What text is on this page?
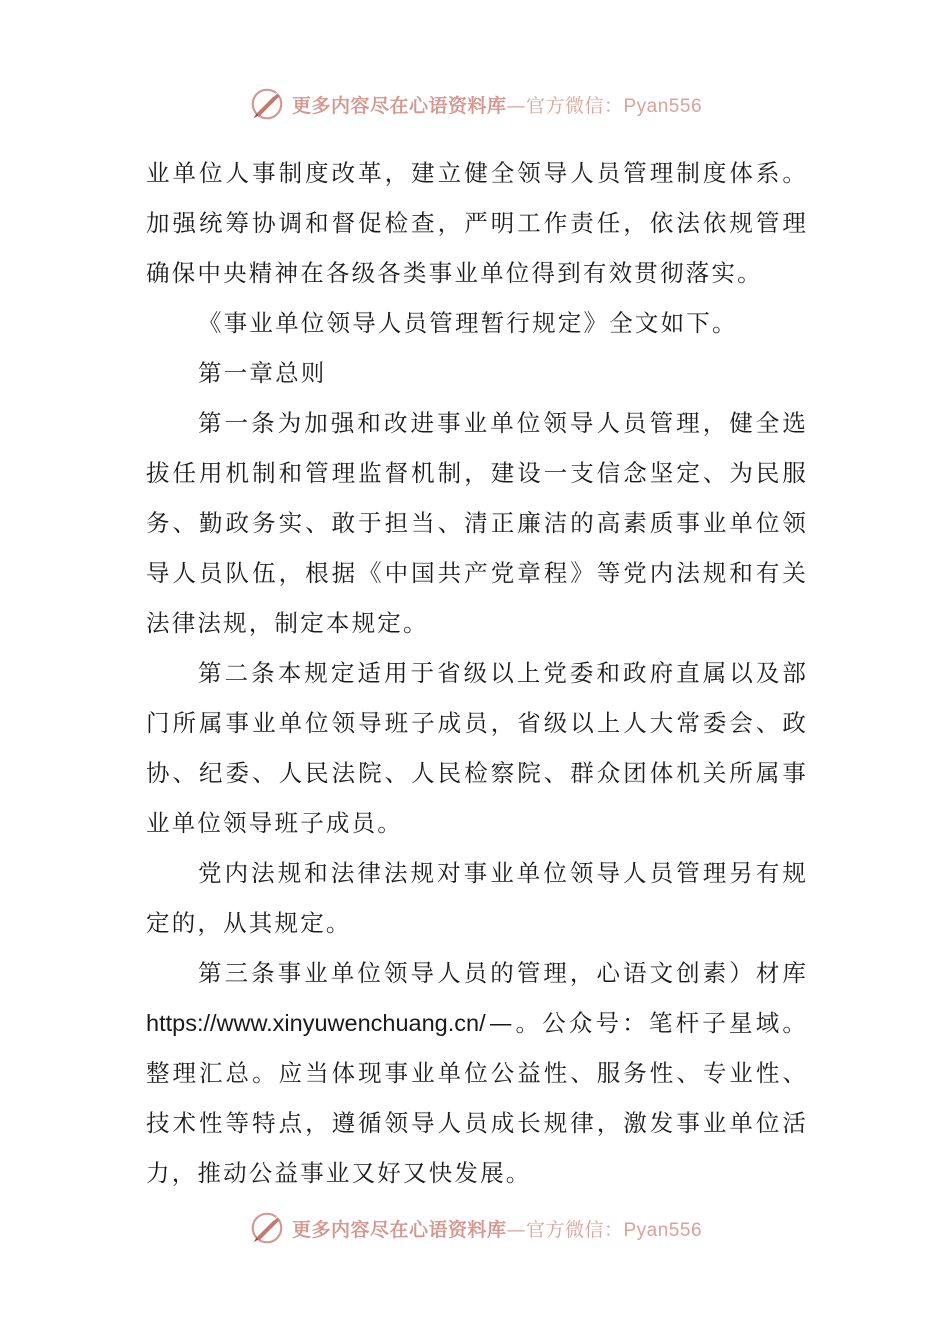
更多内容尽在心语资料库—官方微信：Pyan556
业 单 位 人 事 制 度 改 革 ， 建 立 健 全 领 导 人 员 管 理 制 度 体 系 。
加 强 统 筹 协 调 和 督 促 检 查 ， 严 明 工 作 责 任 ， 依 法 依 规 管 理
确保中央精神在各级各类事业单位得到有效贯彻落实。
《事业单位领导人员管理暂行规定》全文如下。
第一章总则
第 一 条 为 加 强 和 改 进 事 业 单 位 领 导 人 员 管 理 ， 健 全 选
拔 任 用 机 制 和 管 理 监 督 机 制 ， 建 设 一 支 信 念 坚 定 、 为 民 服
务 、 勤 政 务 实 、 敢 于 担 当 、 清 正 廉 洁 的 高 素 质 事 业 单 位 领
导 人 员 队 伍 ， 根 据 《 中 国 共 产 党 章 程 》 等 党 内 法 规 和 有 关
法律法规，制定本规定。
第 二 条 本 规 定 适 用 于 省 级 以 上 党 委 和 政 府 直 属 以 及 部
门 所 属 事 业 单 位 领 导 班 子 成 员 ， 省 级 以 上 人 大 常 委 会 、 政
协 、 纪 委 、 人 民 法 院 、 人 民 检 察 院 、 群 众 团 体 机 关 所 属 事
业单位领导班子成员。
党 内 法 规 和 法 律 法 规 对 事 业 单 位 领 导 人 员 管 理 另 有 规
定的，从其规定。
第 三 条 事 业 单 位 领 导 人 员 的 管 理 ， 心 语 文 创 素 ） 材 库
https://www.xinyuwenchuang.cn/ — 。 公 众 号 ： 笔 杆 子 星 域 。
整 理 汇 总 。 应 当 体 现 事 业 单 位 公 益 性 、 服 务 性 、 专 业 性 、
技 术 性 等 特 点 ， 遵 循 领 导 人 员 成 长 规 律 ， 激 发 事 业 单 位 活
力，推动公益事业又好又快发展。
更多内容尽在心语资料库—官方微信：Pyan556
